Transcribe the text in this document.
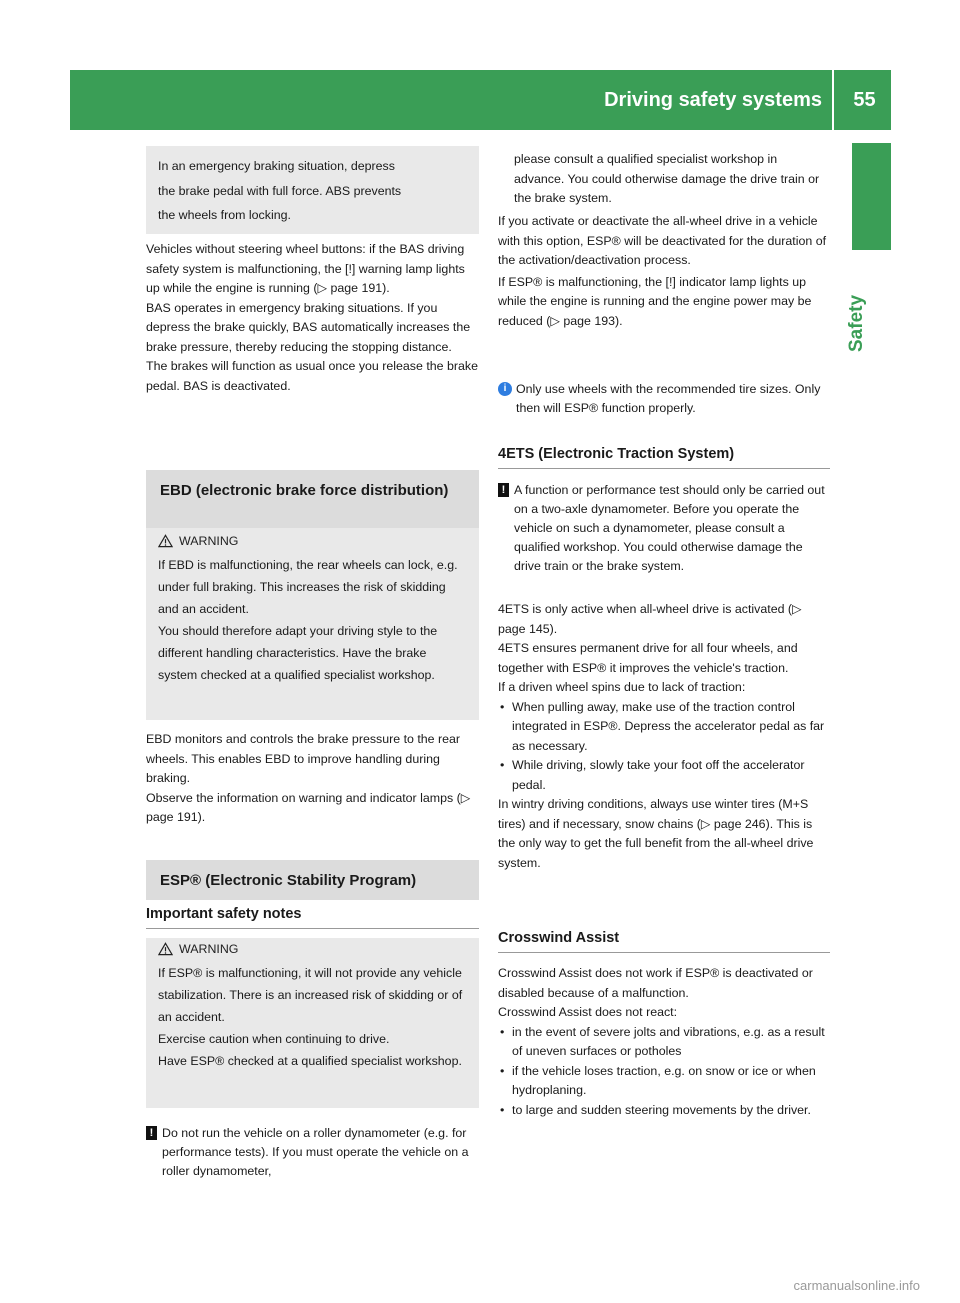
Driving safety systems	55
Safety

In an emergency braking situation, depress

the brake pedal with full force. ABS prevents

the wheels from locking.

Vehicles without steering wheel buttons: if the BAS driving safety system is malfunctioning, the [!] warning lamp lights up while the engine is running (▷ page 191).

BAS operates in emergency braking situations. If you depress the brake quickly, BAS automatically increases the brake pressure, thereby reducing the stopping distance.

The brakes will function as usual once you release the brake pedal. BAS is deactivated.

EBD (electronic brake force distribution)
WARNING

If EBD is malfunctioning, the rear wheels can lock, e.g. under full braking. This increases the risk of skidding and an accident.

You should therefore adapt your driving style to the different handling characteristics. Have the brake system checked at a qualified specialist workshop.

EBD monitors and controls the brake pressure to the rear wheels. This enables EBD to improve handling during braking.

Observe the information on warning and indicator lamps (▷ page 191).

ESP® (Electronic Stability Program)
Important safety notes
WARNING

If ESP® is malfunctioning, it will not provide any vehicle stabilization. There is an increased risk of skidding or of an accident.

Exercise caution when continuing to drive.

Have ESP® checked at a qualified specialist workshop.

! Do not run the vehicle on a roller dynamometer (e.g. for performance tests). If you must operate the vehicle on a roller dynamometer,

please consult a qualified specialist workshop in advance. You could otherwise damage the drive train or the brake system.

If you activate or deactivate the all-wheel drive in a vehicle with this option, ESP® will be deactivated for the duration of the activation/deactivation process.

If ESP® is malfunctioning, the [!] indicator lamp lights up while the engine is running and the engine power may be reduced (▷ page 193).

i Only use wheels with the recommended tire sizes. Only then will ESP® function properly.
4ETS (Electronic Traction System)
! A function or performance test should only be carried out on a two-axle dynamometer. Before you operate the vehicle on such a dynamometer, please consult a qualified workshop. You could otherwise damage the drive train or the brake system.

4ETS is only active when all-wheel drive is activated (▷ page 145).

4ETS ensures permanent drive for all four wheels, and together with ESP® it improves the vehicle's traction.

If a driven wheel spins due to lack of traction:

• When pulling away, make use of the traction control integrated in ESP®. Depress the accelerator pedal as far as necessary.
• While driving, slowly take your foot off the accelerator pedal.

In wintry driving conditions, always use winter tires (M+S tires) and if necessary, snow chains (▷ page 246). This is the only way to get the full benefit from the all-wheel drive system.

Crosswind Assist

Crosswind Assist does not work if ESP® is deactivated or disabled because of a malfunction.

Crosswind Assist does not react:

• in the event of severe jolts and vibrations, e.g. as a result of uneven surfaces or potholes
• if the vehicle loses traction, e.g. on snow or ice or when hydroplaning.
• to large and sudden steering movements by the driver.
carmanualsonline.info
